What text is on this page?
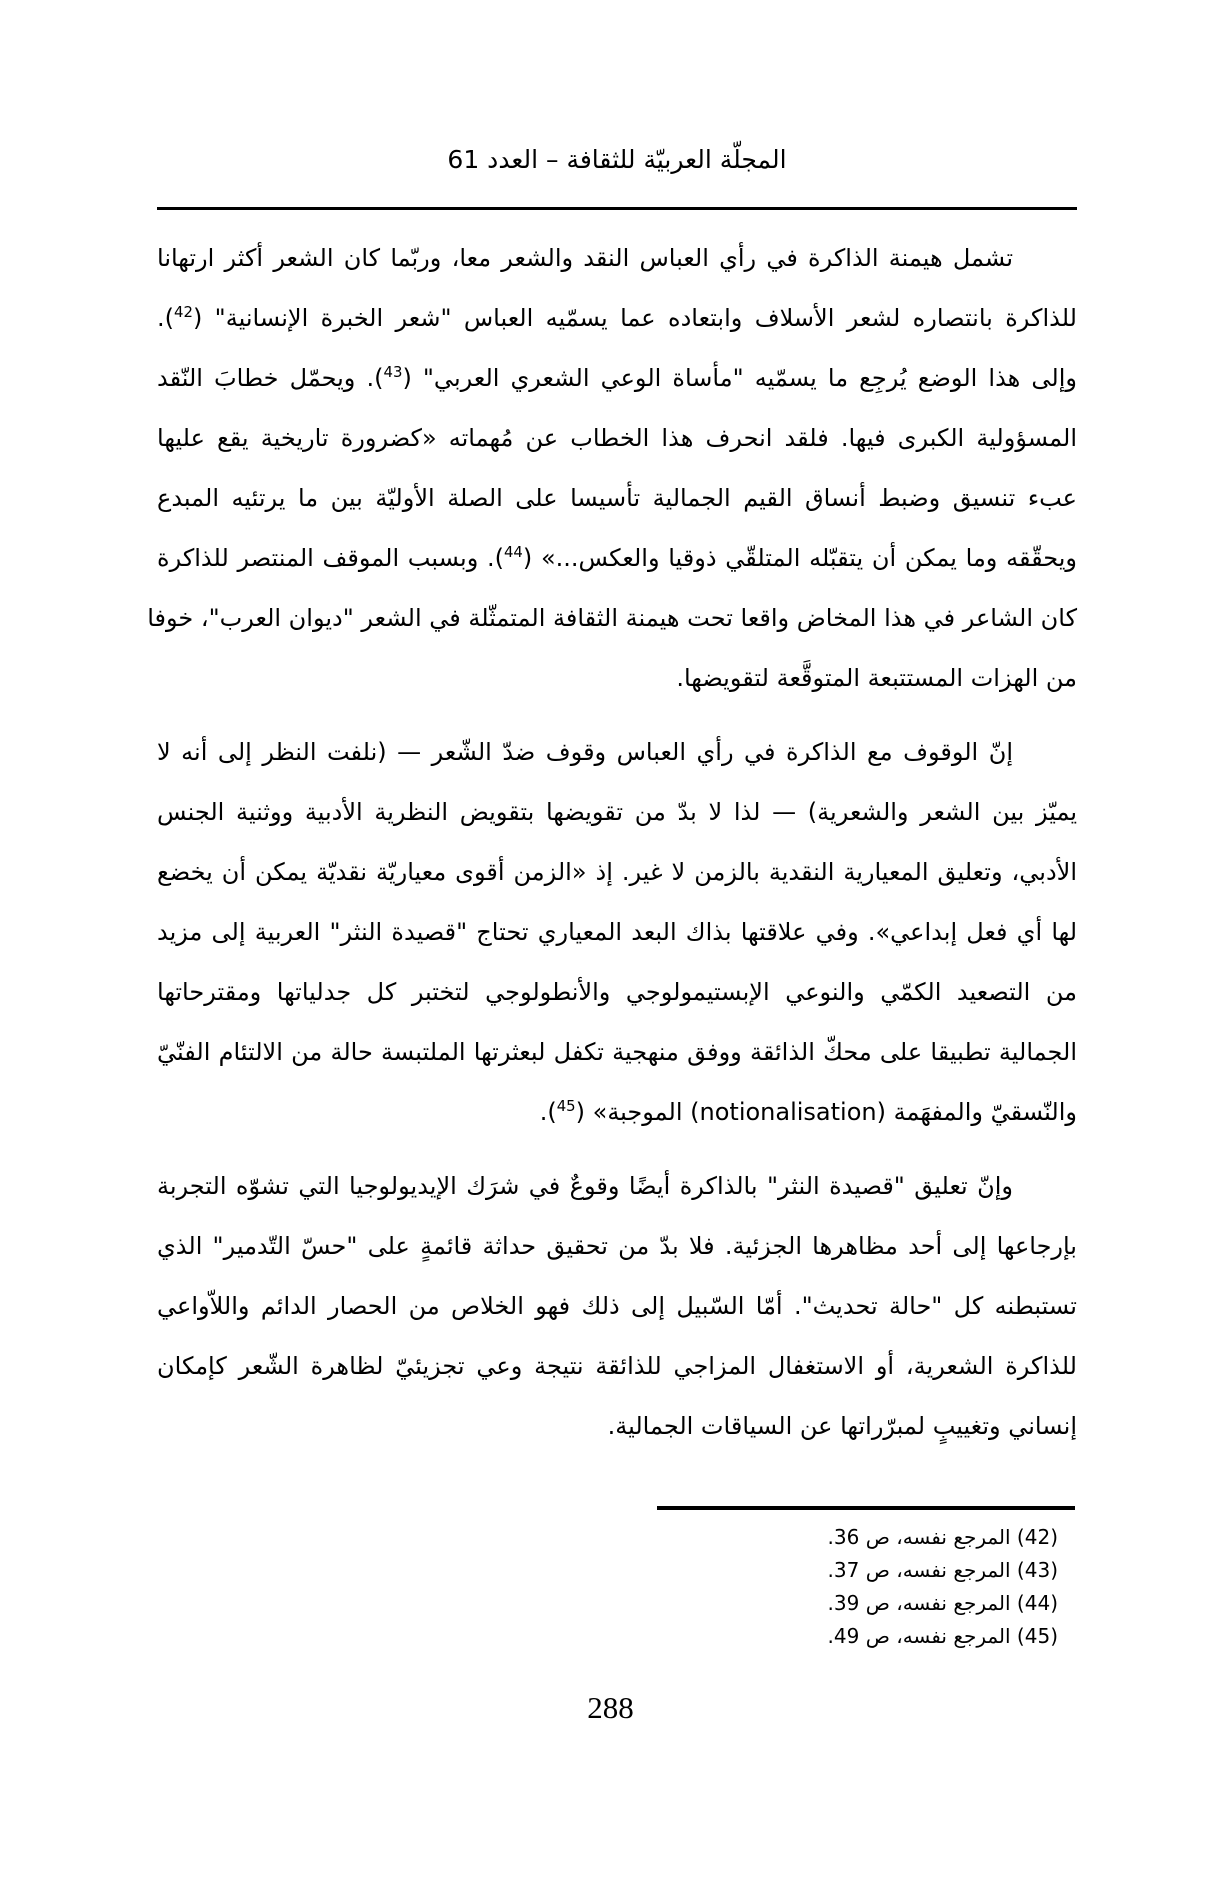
المجلّة العربيّة للثقافة – العدد 61
تشمل هيمنة الذاكرة في رأي العباس النقد والشعر معا، وربّما كان الشعر أكثر ارتهانا
للذاكرة بانتصاره لشعر الأسلاف وابتعاده عما يسمّيه العباس "شعر الخبرة الإنسانية" ($^{42}$).
وإلى هذا الوضع يُرجِع ما يسمّيه "مأساة الوعي الشعري العربي" ($^{43}$). ويحمّل خطابَ النّقد
المسؤولية الكبرى فيها. فلقد انحرف هذا الخطاب عن مُهماته «كضرورة تاريخية يقع عليها
عبء تنسيق وضبط أنساق القيم الجمالية تأسيسا على الصلة الأوليّة بين ما يرتئيه المبدع
ويحقّقه وما يمكن أن يتقبّله المتلقّي ذوقيا والعكس...» ($^{44}$). وبسبب الموقف المنتصر للذاكرة
كان الشاعر في هذا المخاض واقعا تحت هيمنة الثقافة المتمثّلة في الشعر "ديوان العرب"، خوفا
من الهزات المستتبعة المتوقَّعة لتقويضها.
إنّ الوقوف مع الذاكرة في رأي العباس وقوف ضدّ الشّعر — (نلفت النظر إلى أنه لا
يميّز بين الشعر والشعرية) — لذا لا بدّ من تقويضها بتقويض النظرية الأدبية ووثنية الجنس
الأدبي، وتعليق المعيارية النقدية بالزمن لا غير. إذ «الزمن أقوى معياريّة نقديّة يمكن أن يخضع
لها أي فعل إبداعي». وفي علاقتها بذاك البعد المعياري تحتاج "قصيدة النثر" العربية إلى مزيد
من التصعيد الكمّي والنوعي الإبستيمولوجي والأنطولوجي لتختبر كل جدلياتها ومقترحاتها
الجمالية تطبيقا على محكّ الذائقة ووفق منهجية تكفل لبعثرتها الملتبسة حالة من الالتئام الفنّيّ
والنّسقيّ والمفهَمة (notionalisation) الموجبة» ($^{45}$).
وإنّ تعليق "قصيدة النثر" بالذاكرة أيضًا وقوعٌ في شرَك الإيديولوجيا التي تشوّه التجربة
بإرجاعها إلى أحد مظاهرها الجزئية. فلا بدّ من تحقيق حداثة قائمةٍ على "حسّ التّدمير" الذي
تستبطنه كل "حالة تحديث". أمّا السّبيل إلى ذلك فهو الخلاص من الحصار الدائم واللاّواعي
للذاكرة الشعرية، أو الاستغفال المزاجي للذائقة نتيجة وعي تجزيئيّ لظاهرة الشّعر كإمكان
إنساني وتغييبٍ لمبرّراتها عن السياقات الجمالية.
(42) المرجع نفسه، ص 36.
(43) المرجع نفسه، ص 37.
(44) المرجع نفسه، ص 39.
(45) المرجع نفسه، ص 49.
288
